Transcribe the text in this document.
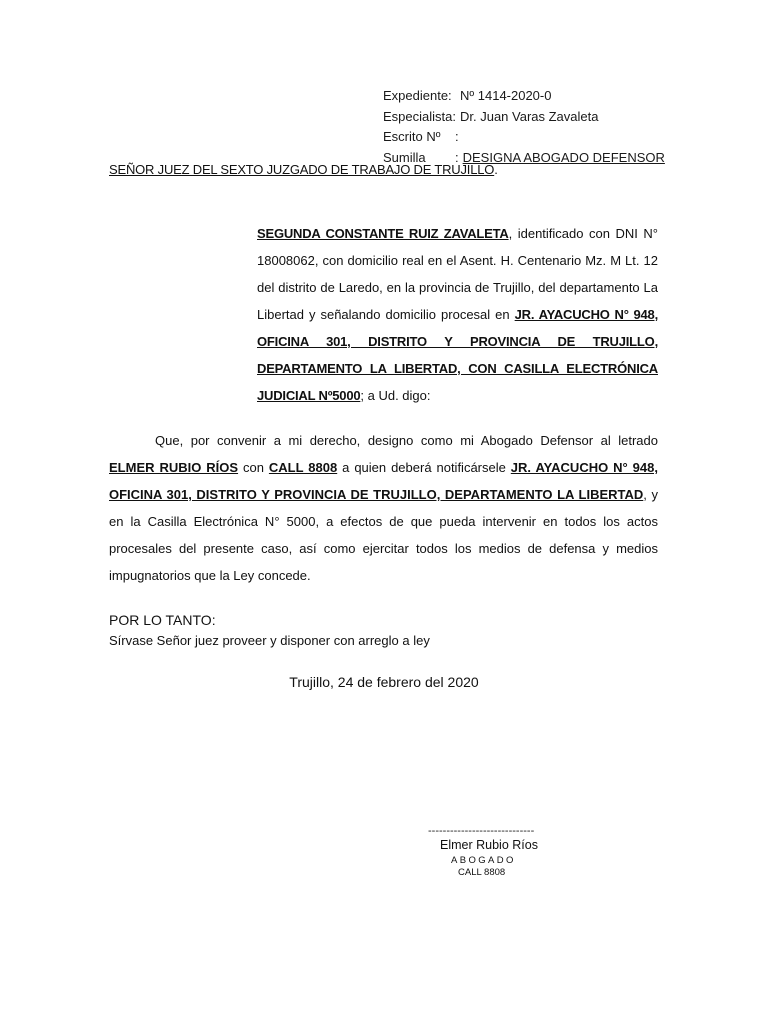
Expediente: Nº 1414-2020-0
Especialista: Dr. Juan Varas Zavaleta
Escrito Nº	:
Sumilla	: DESIGNA ABOGADO DEFENSOR
SEÑOR JUEZ DEL SEXTO JUZGADO DE TRABAJO DE TRUJILLO.
SEGUNDA CONSTANTE RUIZ ZAVALETA, identificado con DNI N° 18008062, con domicilio real en el Asent. H. Centenario Mz. M Lt. 12 del distrito de Laredo, en la provincia de Trujillo, del departamento La Libertad y señalando domicilio procesal en JR. AYACUCHO N° 948, OFICINA 301, DISTRITO Y PROVINCIA DE TRUJILLO, DEPARTAMENTO LA LIBERTAD, CON CASILLA ELECTRÓNICA JUDICIAL Nº5000; a Ud. digo:
Que, por convenir a mi derecho, designo como mi Abogado Defensor al letrado ELMER RUBIO RÍOS con CALL 8808 a quien deberá notificársele JR. AYACUCHO N° 948, OFICINA 301, DISTRITO Y PROVINCIA DE TRUJILLO, DEPARTAMENTO LA LIBERTAD, y en la Casilla Electrónica N° 5000, a efectos de que pueda intervenir en todos los actos procesales del presente caso, así como ejercitar todos los medios de defensa y medios impugnatorios que la Ley concede.
POR LO TANTO:
Sírvase Señor juez proveer y disponer con arreglo a ley
Trujillo, 24 de febrero del 2020
-----------------------------
Elmer Rubio Ríos
ABOGADO
CALL 8808
